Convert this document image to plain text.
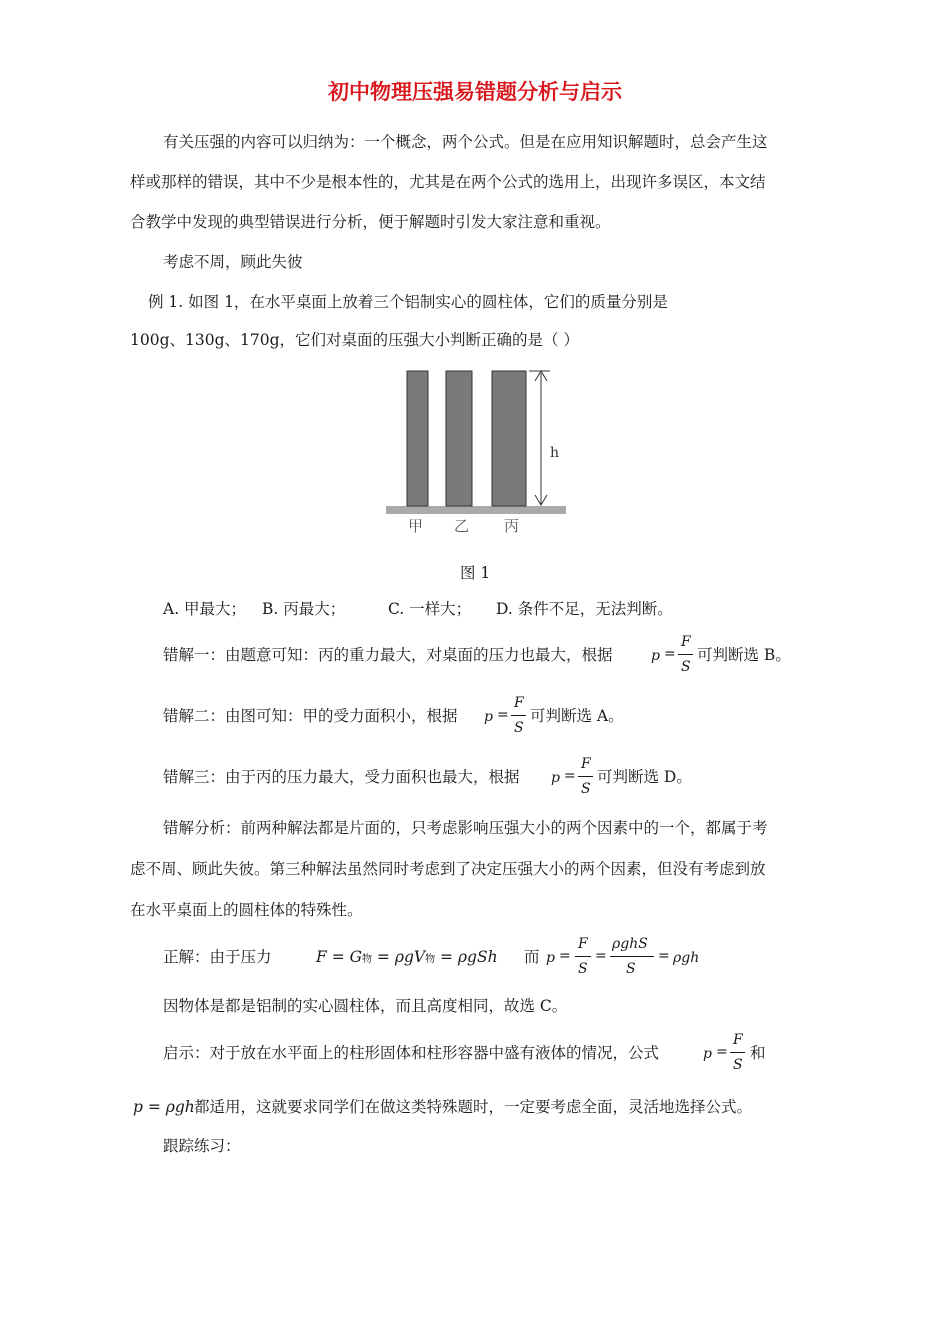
初中物理压强易错题分析与启示
有关压强的内容可以归纳为：一个概念，两个公式。但是在应用知识解题时，总会产生这
样或那样的错误，其中不少是根本性的，尤其是在两个公式的选用上，出现许多误区，本文结
合教学中发现的典型错误进行分析，便于解题时引发大家注意和重视。
考虑不周，顾此失彼
例 1. 如图 1，在水平桌面上放着三个铝制实心的圆柱体，它们的质量分别是
100g、130g、170g，它们对桌面的压强大小判断正确的是（ ）
h
甲 乙 丙
图 1
A. 甲最大； B. 丙最大；	C. 一样大； D. 条件不足，无法判断。
错解一：由题意可知：丙的重力最大，对桌面的压力也最大，根据	p =
F
S
可判断选 B。
错解二：由图可知：甲的受力面积小，根据 p =
F
S
可判断选 A。
错解三：由于丙的压力最大，受力面积也最大，根据 p =
F
S
可判断选 D。
错解分析：前两种解法都是片面的，只考虑影响压强大小的两个因素中的一个，都属于考
虑不周、顾此失彼。第三种解法虽然同时考虑到了决定压强大小的两个因素，但没有考虑到放
在水平桌面上的圆柱体的特殊性。
正解：由于压力	F = G物 = ρgV物 = ρgSh 而 p =
F
S
=
ρghS
S
= ρgh
因物体是都是铝制的实心圆柱体，而且高度相同，故选 C。
启示：对于放在水平面上的柱形固体和柱形容器中盛有液体的情况，公式	p =
F
S
和
p = ρgh 都适用，这就要求同学们在做这类特殊题时，一定要考虑全面，灵活地选择公式。
跟踪练习：
